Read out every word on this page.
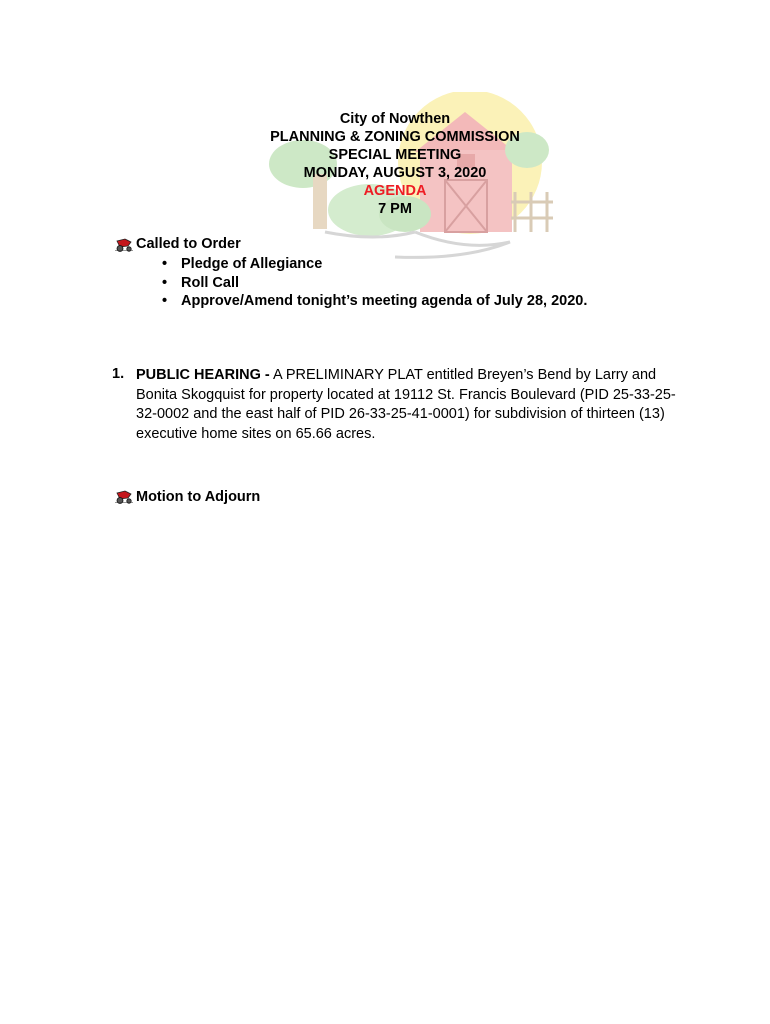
City of Nowthen
PLANNING & ZONING COMMISSION
SPECIAL MEETING
MONDAY, AUGUST 3, 2020
AGENDA
7 PM
Called to Order
• Pledge of Allegiance
• Roll Call
• Approve/Amend tonight’s meeting agenda of July 28, 2020.
1. PUBLIC HEARING - A PRELIMINARY PLAT entitled Breyen’s Bend by Larry and Bonita Skogquist for property located at 19112 St. Francis Boulevard (PID 25-33-25-32-0002 and the east half of PID 26-33-25-41-0001) for subdivision of thirteen (13) executive home sites on 65.66 acres.
Motion to Adjourn
